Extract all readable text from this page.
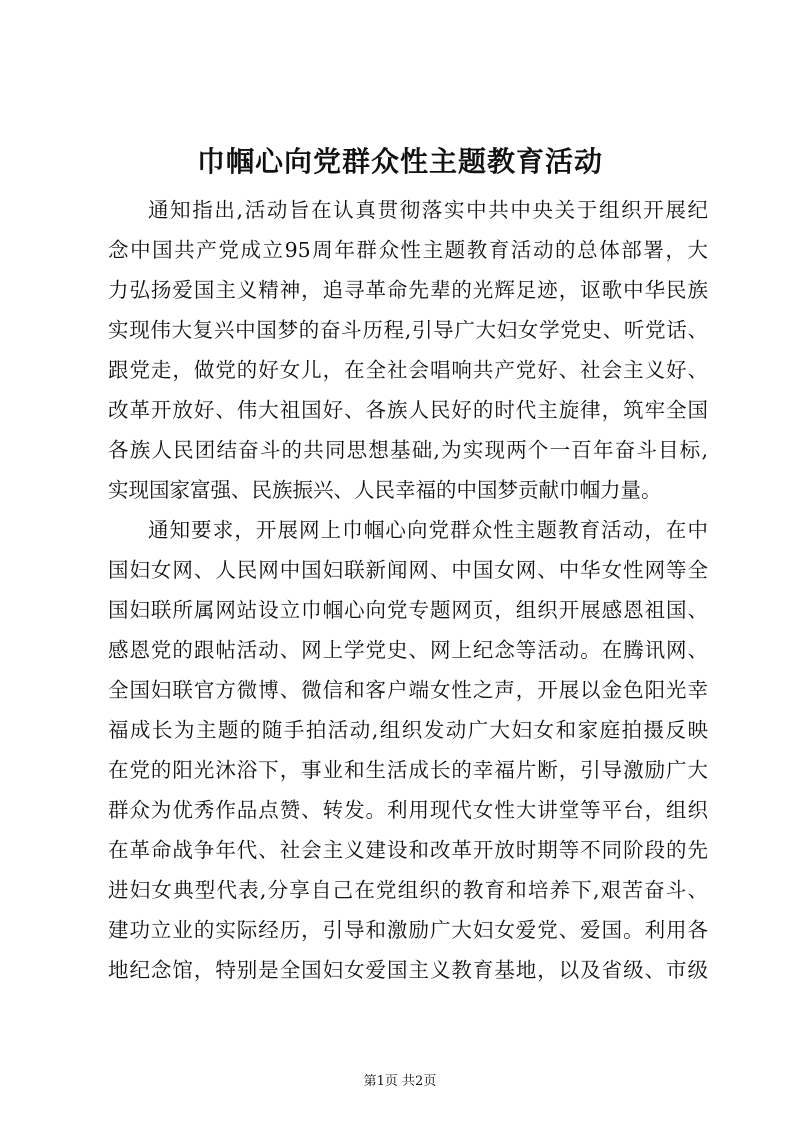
巾帼心向党群众性主题教育活动
通知指出,活动旨在认真贯彻落实中共中央关于组织开展纪
念中国共产党成立95周年群众性主题教育活动的总体部署，大
力弘扬爱国主义精神，追寻革命先辈的光辉足迹，讴歌中华民族
实现伟大复兴中国梦的奋斗历程,引导广大妇女学党史、听党话、
跟党走，做党的好女儿，在全社会唱响共产党好、社会主义好、
改革开放好、伟大祖国好、各族人民好的时代主旋律，筑牢全国
各族人民团结奋斗的共同思想基础,为实现两个一百年奋斗目标,
实现国家富强、民族振兴、人民幸福的中国梦贡献巾帼力量。
通知要求，开展网上巾帼心向党群众性主题教育活动，在中
国妇女网、人民网中国妇联新闻网、中国女网、中华女性网等全
国妇联所属网站设立巾帼心向党专题网页，组织开展感恩祖国、
感恩党的跟帖活动、网上学党史、网上纪念等活动。在腾讯网、
全国妇联官方微博、微信和客户端女性之声，开展以金色阳光幸
福成长为主题的随手拍活动,组织发动广大妇女和家庭拍摄反映
在党的阳光沐浴下，事业和生活成长的幸福片断，引导激励广大
群众为优秀作品点赞、转发。利用现代女性大讲堂等平台，组织
在革命战争年代、社会主义建设和改革开放时期等不同阶段的先
进妇女典型代表,分享自己在党组织的教育和培养下,艰苦奋斗、
建功立业的实际经历，引导和激励广大妇女爱党、爱国。利用各
地纪念馆，特别是全国妇女爱国主义教育基地，以及省级、市级
第1页 共2页
